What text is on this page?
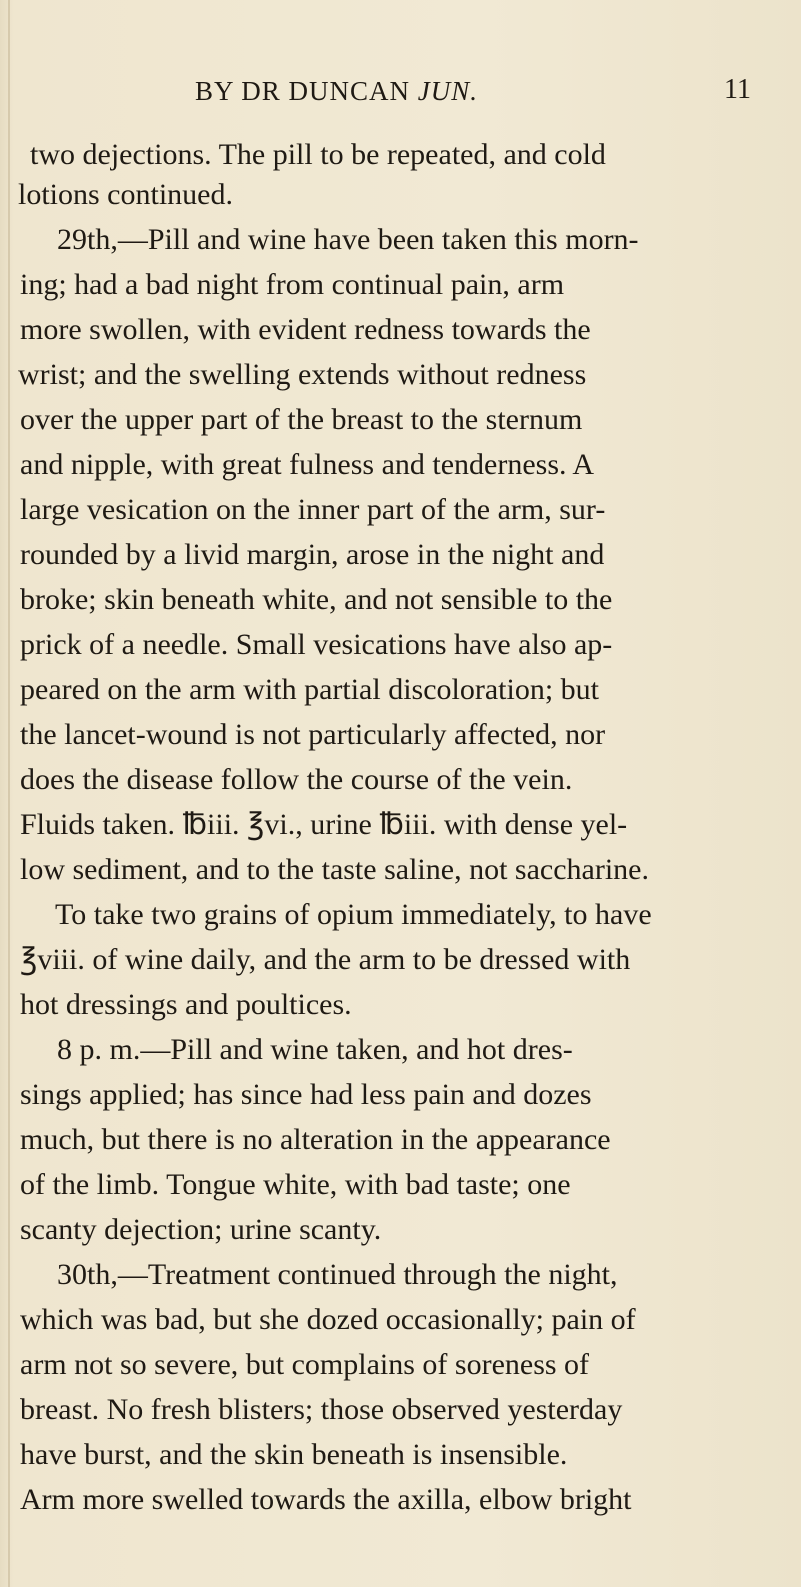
BY DR DUNCAN JUN.	11
two dejections. The pill to be repeated, and cold
lotions continued.
29th,—Pill and wine have been taken this morn-
ing; had a bad night from continual pain, arm
more swollen, with evident redness towards the
wrist; and the swelling extends without redness
over the upper part of the breast to the sternum
and nipple, with great fulness and tenderness. A
large vesication on the inner part of the arm, sur-
rounded by a livid margin, arose in the night and
broke; skin beneath white, and not sensible to the
prick of a needle. Small vesications have also ap-
peared on the arm with partial discoloration; but
the lancet-wound is not particularly affected, nor
does the disease follow the course of the vein.
Fluids taken. ℔iii. ℥vi., urine ℔iii. with dense yel-
low sediment, and to the taste saline, not saccharine.
To take two grains of opium immediately, to have
℥viii. of wine daily, and the arm to be dressed with
hot dressings and poultices.
8 p. m.—Pill and wine taken, and hot dres-
sings applied; has since had less pain and dozes
much, but there is no alteration in the appearance
of the limb. Tongue white, with bad taste; one
scanty dejection; urine scanty.
30th,—Treatment continued through the night,
which was bad, but she dozed occasionally; pain of
arm not so severe, but complains of soreness of
breast. No fresh blisters; those observed yesterday
have burst, and the skin beneath is insensible.
Arm more swelled towards the axilla, elbow bright
